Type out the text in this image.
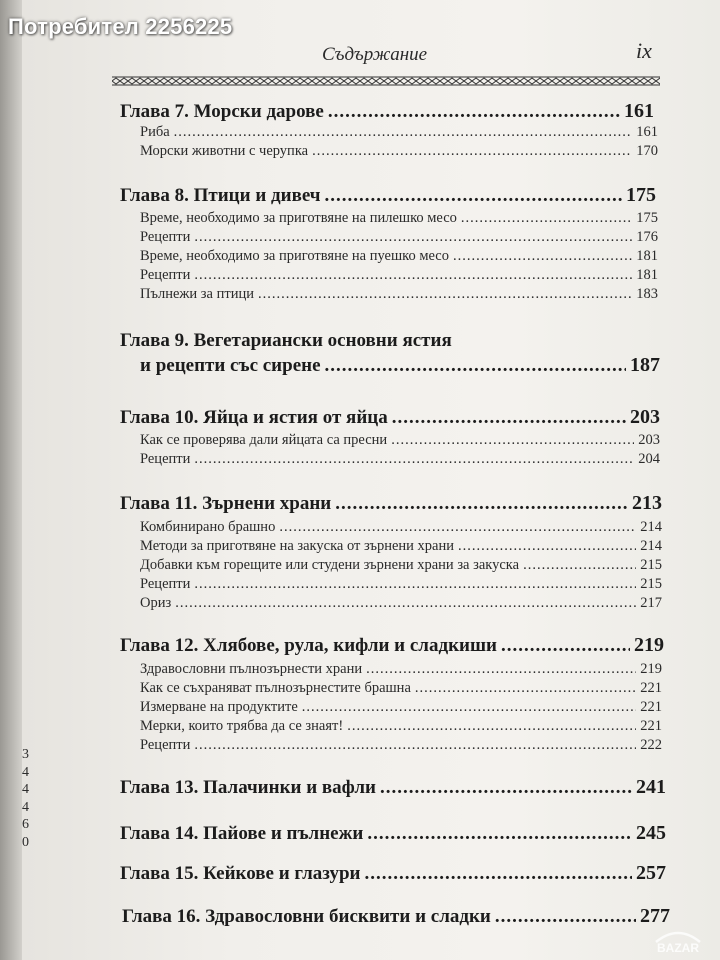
Съдържание	ix
Глава 7. Морски дарове .....	161
Риба .....	161
Морски животни с черупка .....	170
Глава 8. Птици и дивеч .....	175
Време, необходимо за приготвяне на пилешко месо .....	175
Рецепти .....	176
Време, необходимо за приготвяне на пуешко месо .....	181
Рецепти .....	181
Пълнежи за птици .....	183
Глава 9. Вегетариански основни ястия
и рецепти със сирене .....	187
Глава 10. Яйца и ястия от яйца .....	203
Как се проверява дали яйцата са пресни .....	203
Рецепти .....	204
Глава 11. Зърнени храни .....	213
Комбинирано брашно .....	214
Методи за приготвяне на закуска от зърнени храни .....	214
Добавки към горещите или студени зърнени храни за закуска .....	215
Рецепти .....	215
Ориз .....	217
Глава 12. Хлябове, рула, кифли и сладкиши .....	219
Здравословни пълнозърнести храни .....	219
Как се съхраняват пълнозърнестите брашна .....	221
Измерване на продуктите .....	221
Мерки, които трябва да се знаят! .....	221
Рецепти .....	222
Глава 13. Палачинки и вафли .....	241
Глава 14. Пайове и пълнежи .....	245
Глава 15. Кейкове и глазури .....	257
Глава 16. Здравословни бисквити и сладки .....	277
3
4
4
4
6
0
BAZAR
Потребител 2256225
